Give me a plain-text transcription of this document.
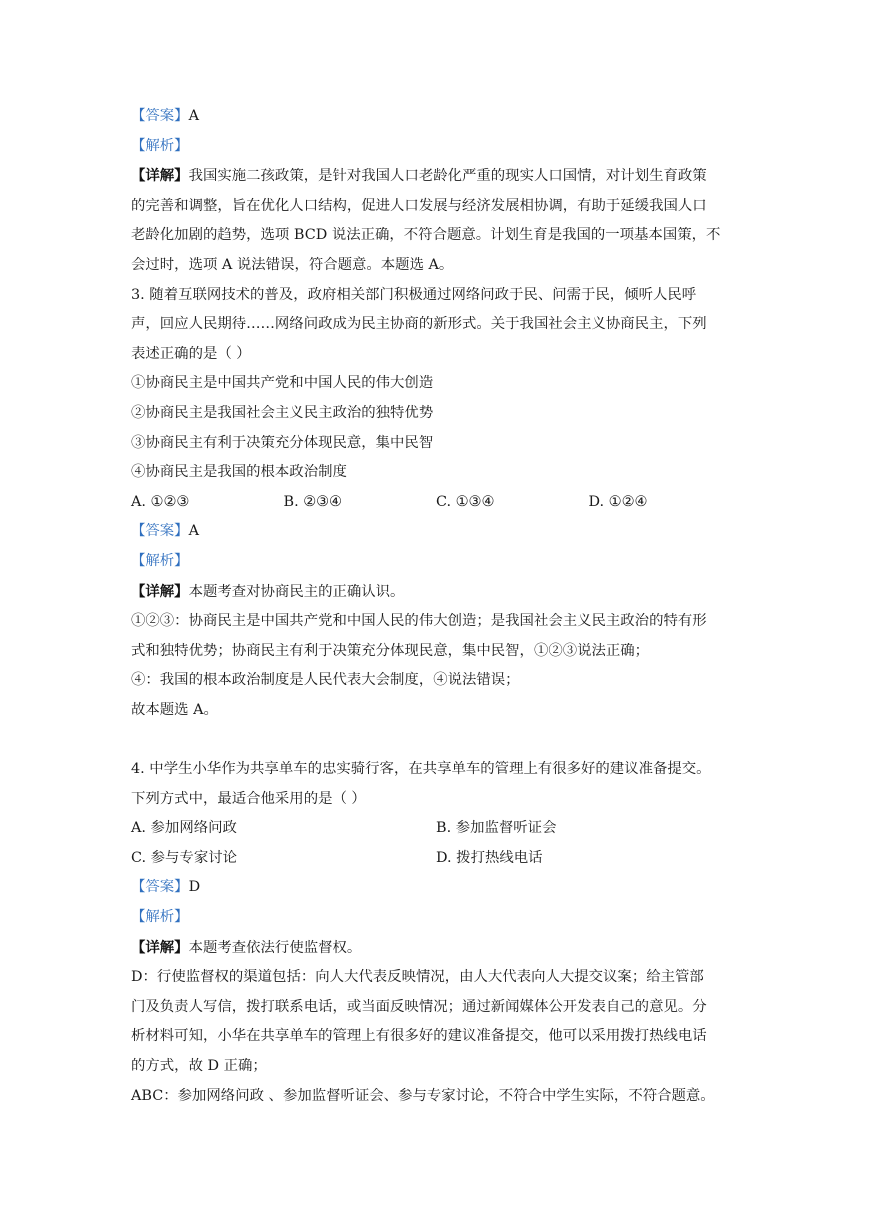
【答案】A
【解析】
【详解】我国实施二孩政策，是针对我国人口老龄化严重的现实人口国情，对计划生育政策
的完善和调整，旨在优化人口结构，促进人口发展与经济发展相协调，有助于延缓我国人口
老龄化加剧的趋势，选项 BCD 说法正确，不符合题意。计划生育是我国的一项基本国策，不
会过时，选项 A 说法错误，符合题意。本题选 A。
3. 随着互联网技术的普及，政府相关部门积极通过网络问政于民、问需于民，倾听人民呼
声，回应人民期待……网络问政成为民主协商的新形式。关于我国社会主义协商民主，下列
表述正确的是（ ）
①协商民主是中国共产党和中国人民的伟大创造
②协商民主是我国社会主义民主政治的独特优势
③协商民主有利于决策充分体现民意，集中民智
④协商民主是我国的根本政治制度
A. ①②③	B. ②③④	C. ①③④	D. ①②④
【答案】A
【解析】
【详解】本题考查对协商民主的正确认识。
①②③：协商民主是中国共产党和中国人民的伟大创造；是我国社会主义民主政治的特有形
式和独特优势；协商民主有利于决策充分体现民意，集中民智，①②③说法正确；
④：我国的根本政治制度是人民代表大会制度，④说法错误；
故本题选 A。
4. 中学生小华作为共享单车的忠实骑行客，在共享单车的管理上有很多好的建议准备提交。
下列方式中，最适合他采用的是（ ）
A. 参加网络问政	B. 参加监督听证会
C. 参与专家讨论	D. 拨打热线电话
【答案】D
【解析】
【详解】本题考查依法行使监督权。
D：行使监督权的渠道包括：向人大代表反映情况，由人大代表向人大提交议案；给主管部
门及负责人写信，拨打联系电话，或当面反映情况；通过新闻媒体公开发表自己的意见。分
析材料可知，小华在共享单车的管理上有很多好的建议准备提交，他可以采用拨打热线电话
的方式，故 D 正确；
ABC：参加网络问政 、参加监督听证会、参与专家讨论，不符合中学生实际，不符合题意。
